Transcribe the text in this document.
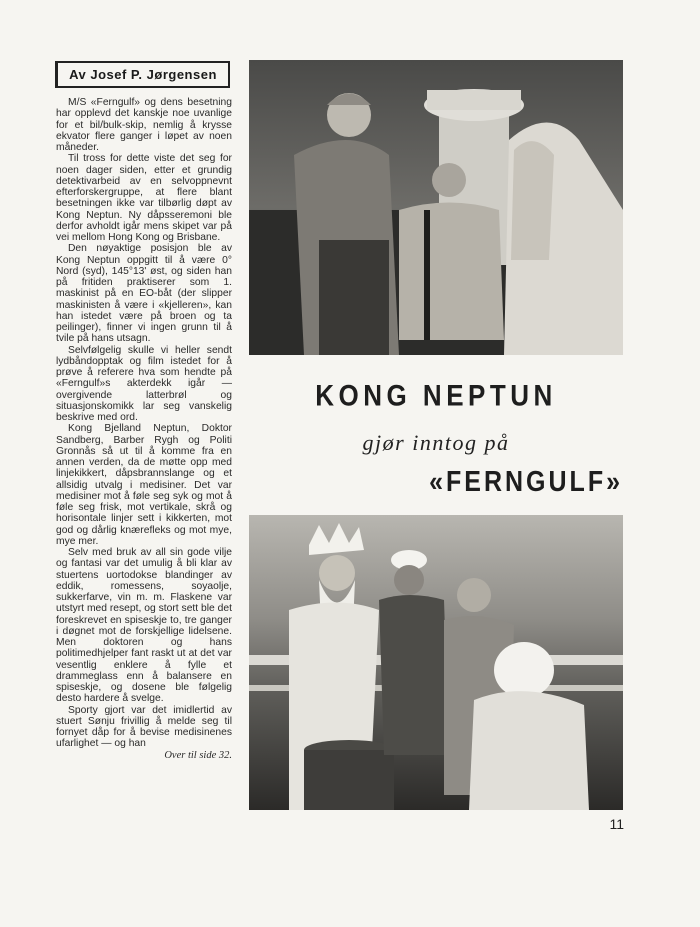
Av Josef P. Jørgensen

M/S «Ferngulf» og dens besetning har opplevd det kanskje noe uvanlige for et bil/bulk-skip, nemlig å krysse ekvator flere ganger i løpet av noen måneder.

Til tross for dette viste det seg for noen dager siden, etter et grundig detektivarbeid av en selvoppnevnt efterforskergruppe, at flere blant besetningen ikke var tilbørlig døpt av Kong Neptun. Ny dåpsseremoni ble derfor avholdt igår mens skipet var på vei mellom Hong Kong og Brisbane.

Den nøyaktige posisjon ble av Kong Neptun oppgitt til å være 0° Nord (syd), 145°13' øst, og siden han på fritiden praktiserer som 1. maskinist på en EO-båt (der slipper maskinisten å være i «kjelleren», kan han istedet være på broen og ta peilinger), finner vi ingen grunn til å tvile på hans utsagn.

Selvfølgelig skulle vi heller sendt lydbåndopptak og film istedet for å prøve å referere hva som hendte på «Ferngulf»s akterdekk igår — overgivende latterbrøl og situasjonskomikk lar seg vanskelig beskrive med ord.

Kong Bjelland Neptun, Doktor Sandberg, Barber Rygh og Politi Gronnås så ut til å komme fra en annen verden, da de møtte opp med linjekikkert, dåpsbrannslange og et allsidig utvalg i medisiner. Det var medisiner mot å føle seg syk og mot å føle seg frisk, mot vertikale, skrå og horisontale linjer sett i kikkerten, mot god og dårlig knærefleks og mot mye, mye mer.

Selv med bruk av all sin gode vilje og fantasi var det umulig å bli klar av stuertens uortodokse blandinger av eddik, romessens, soyaolje, sukkerfarve, vin m. m. Flaskene var utstyrt med resept, og stort sett ble det foreskrevet en spiseskje to, tre ganger i døgnet mot de forskjellige lidelsene. Men doktoren og hans politimedhjelper fant raskt ut at det var vesentlig enklere å fylle et drammeglass enn å balansere en spiseskje, og dosene ble følgelig desto hardere å svelge.

Sporty gjort var det imidlertid av stuert Sønju frivillig å melde seg til fornyet dåp for å bevise medisinenes ufarlighet — og han

Over til side 32.
KONG NEPTUN
gjør inntog på
«FERNGULF»
11
